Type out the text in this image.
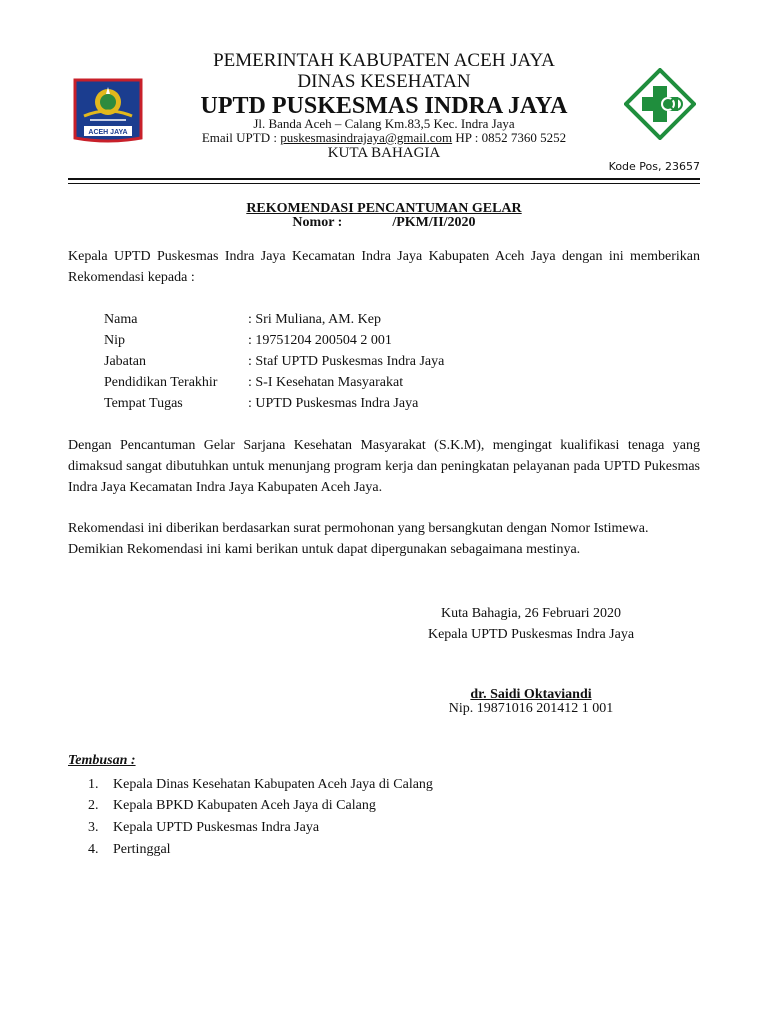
ACEH JAYA
PEMERINTAH KABUPATEN ACEH JAYA
DINAS KESEHATAN
UPTD PUSKESMAS INDRA JAYA
Jl. Banda Aceh – Calang Km.83,5 Kec. Indra Jaya
Email UPTD : puskesmasindrajaya@gmail.com HP : 0852 7360 5252
KUTA BAHAGIA
Kode Pos, 23657
REKOMENDASI PENCANTUMAN GELAR
Nomor :	/PKM/II/2020
Kepala UPTD Puskesmas Indra Jaya Kecamatan Indra Jaya Kabupaten Aceh Jaya dengan ini memberikan Rekomendasi kepada :
Nama	: Sri Muliana, AM. Kep
Nip	: 19751204 200504 2 001
Jabatan	: Staf UPTD Puskesmas Indra Jaya
Pendidikan Terakhir : S-I Kesehatan Masyarakat
Tempat Tugas	: UPTD Puskesmas Indra Jaya
Dengan Pencantuman Gelar Sarjana Kesehatan Masyarakat (S.K.M), mengingat kualifikasi tenaga yang dimaksud sangat dibutuhkan untuk menunjang program kerja dan peningkatan pelayanan pada UPTD Pukesmas Indra Jaya Kecamatan Indra Jaya Kabupaten Aceh Jaya.
Rekomendasi ini diberikan berdasarkan surat permohonan yang bersangkutan dengan Nomor Istimewa.
Demikian Rekomendasi ini kami berikan untuk dapat dipergunakan sebagaimana mestinya.
Kuta Bahagia, 26 Februari 2020
Kepala UPTD Puskesmas Indra Jaya
dr. Saidi Oktaviandi
Nip. 19871016 201412 1 001
Tembusan :
1. Kepala Dinas Kesehatan Kabupaten Aceh Jaya di Calang
2. Kepala BPKD Kabupaten Aceh Jaya di Calang
3. Kepala UPTD Puskesmas Indra Jaya
4. Pertinggal
